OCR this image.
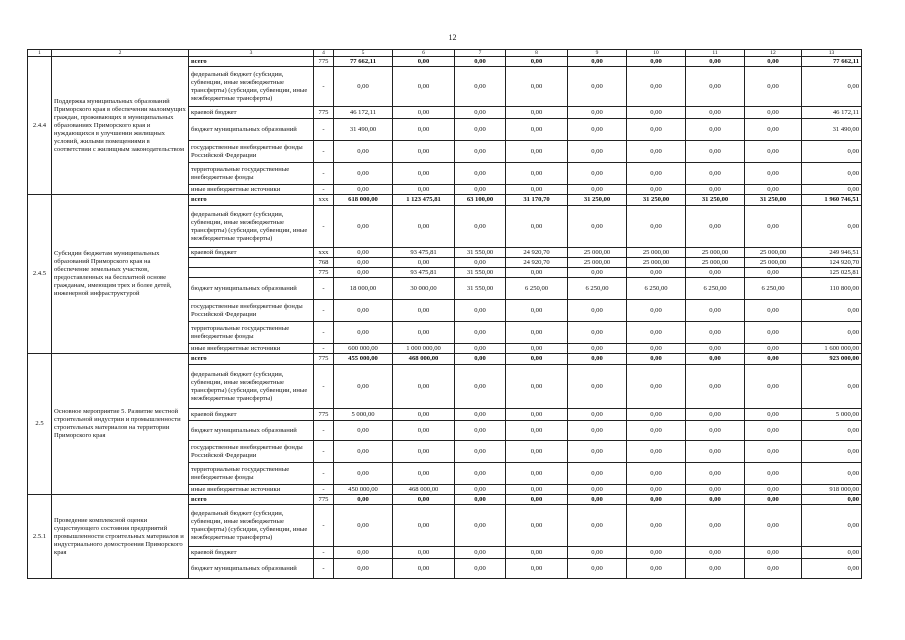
12
1	2	3	4	5	6	7	8	9	10	11	12	13
2.4.4	Поддержка муниципальных образований Приморского края в обеспечении малоимущих граждан, проживающих в муниципальных образованиях Приморского края и нуждающихся в улучшении жилищных условий, жилыми помещениями в соответствии с жилищным законодательством	всего	775	77 662,11	0,00	0,00	0,00	0,00	0,00	0,00	0,00	77 662,11
		федеральный бюджет (субсидии, субвенции, иные межбюджетные трансферты) (субсидии, субвенции, иные межбюджетные трансферты)	-	0,00	0,00	0,00	0,00	0,00	0,00	0,00	0,00	0,00
		краевой бюджет	775	46 172,11	0,00	0,00	0,00	0,00	0,00	0,00	0,00	46 172,11
		бюджет муниципальных образований	-	31 490,00	0,00	0,00	0,00	0,00	0,00	0,00	0,00	31 490,00
		государственные внебюджетные фонды Российской Федерации	-	0,00	0,00	0,00	0,00	0,00	0,00	0,00	0,00	0,00
		территориальные государственные внебюджетные фонды	-	0,00	0,00	0,00	0,00	0,00	0,00	0,00	0,00	0,00
		иные внебюджетные источники	-	0,00	0,00	0,00	0,00	0,00	0,00	0,00	0,00	0,00
2.4.5	Субсидии бюджетам муниципальных образований Приморского края на обеспечение земельных участков, предоставленных на бесплатной основе гражданам, имеющим трех и более детей, инженерной инфраструктурой	всего	xxx	618 000,00	1 123 475,81	63 100,00	31 170,70	31 250,00	31 250,00	31 250,00	31 250,00	1 960 746,51
		федеральный бюджет (субсидии, субвенции, иные межбюджетные трансферты) (субсидии, субвенции, иные межбюджетные трансферты)	-	0,00	0,00	0,00	0,00	0,00	0,00	0,00	0,00	0,00
		краевой бюджет	xxx	0,00	93 475,81	31 550,00	24 920,70	25 000,00	25 000,00	25 000,00	25 000,00	249 946,51
			768	0,00	0,00	0,00	24 920,70	25 000,00	25 000,00	25 000,00	25 000,00	124 920,70
			775	0,00	93 475,81	31 550,00	0,00	0,00	0,00	0,00	0,00	125 025,81
		бюджет муниципальных образований	-	18 000,00	30 000,00	31 550,00	6 250,00	6 250,00	6 250,00	6 250,00	6 250,00	110 800,00
		государственные внебюджетные фонды Российской Федерации	-	0,00	0,00	0,00	0,00	0,00	0,00	0,00	0,00	0,00
		территориальные государственные внебюджетные фонды	-	0,00	0,00	0,00	0,00	0,00	0,00	0,00	0,00	0,00
		иные внебюджетные источники	-	600 000,00	1 000 000,00	0,00	0,00	0,00	0,00	0,00	0,00	1 600 000,00
2.5	Основное мероприятие 5. Развитие местной строительной индустрии и промышленности строительных материалов на территории Приморского края	всего	775	455 000,00	468 000,00	0,00	0,00	0,00	0,00	0,00	0,00	923 000,00
		федеральный бюджет (субсидии, субвенции, иные межбюджетные трансферты) (субсидии, субвенции, иные межбюджетные трансферты)	-	0,00	0,00	0,00	0,00	0,00	0,00	0,00	0,00	0,00
		краевой бюджет	775	5 000,00	0,00	0,00	0,00	0,00	0,00	0,00	0,00	5 000,00
		бюджет муниципальных образований	-	0,00	0,00	0,00	0,00	0,00	0,00	0,00	0,00	0,00
		государственные внебюджетные фонды Российской Федерации	-	0,00	0,00	0,00	0,00	0,00	0,00	0,00	0,00	0,00
		территориальные государственные внебюджетные фонды	-	0,00	0,00	0,00	0,00	0,00	0,00	0,00	0,00	0,00
		иные внебюджетные источники	-	450 000,00	468 000,00	0,00	0,00	0,00	0,00	0,00	0,00	918 000,00
2.5.1	Проведение комплексной оценки существующего состояния предприятий промышленности строительных материалов и индустриального домостроения Приморского края	всего	775	0,00	0,00	0,00	0,00	0,00	0,00	0,00	0,00	0,00
		федеральный бюджет (субсидии, субвенции, иные межбюджетные трансферты) (субсидии, субвенции, иные межбюджетные трансферты)	-	0,00	0,00	0,00	0,00	0,00	0,00	0,00	0,00	0,00
		краевой бюджет	-	0,00	0,00	0,00	0,00	0,00	0,00	0,00	0,00	0,00
		бюджет муниципальных образований	-	0,00	0,00	0,00	0,00	0,00	0,00	0,00	0,00	0,00
